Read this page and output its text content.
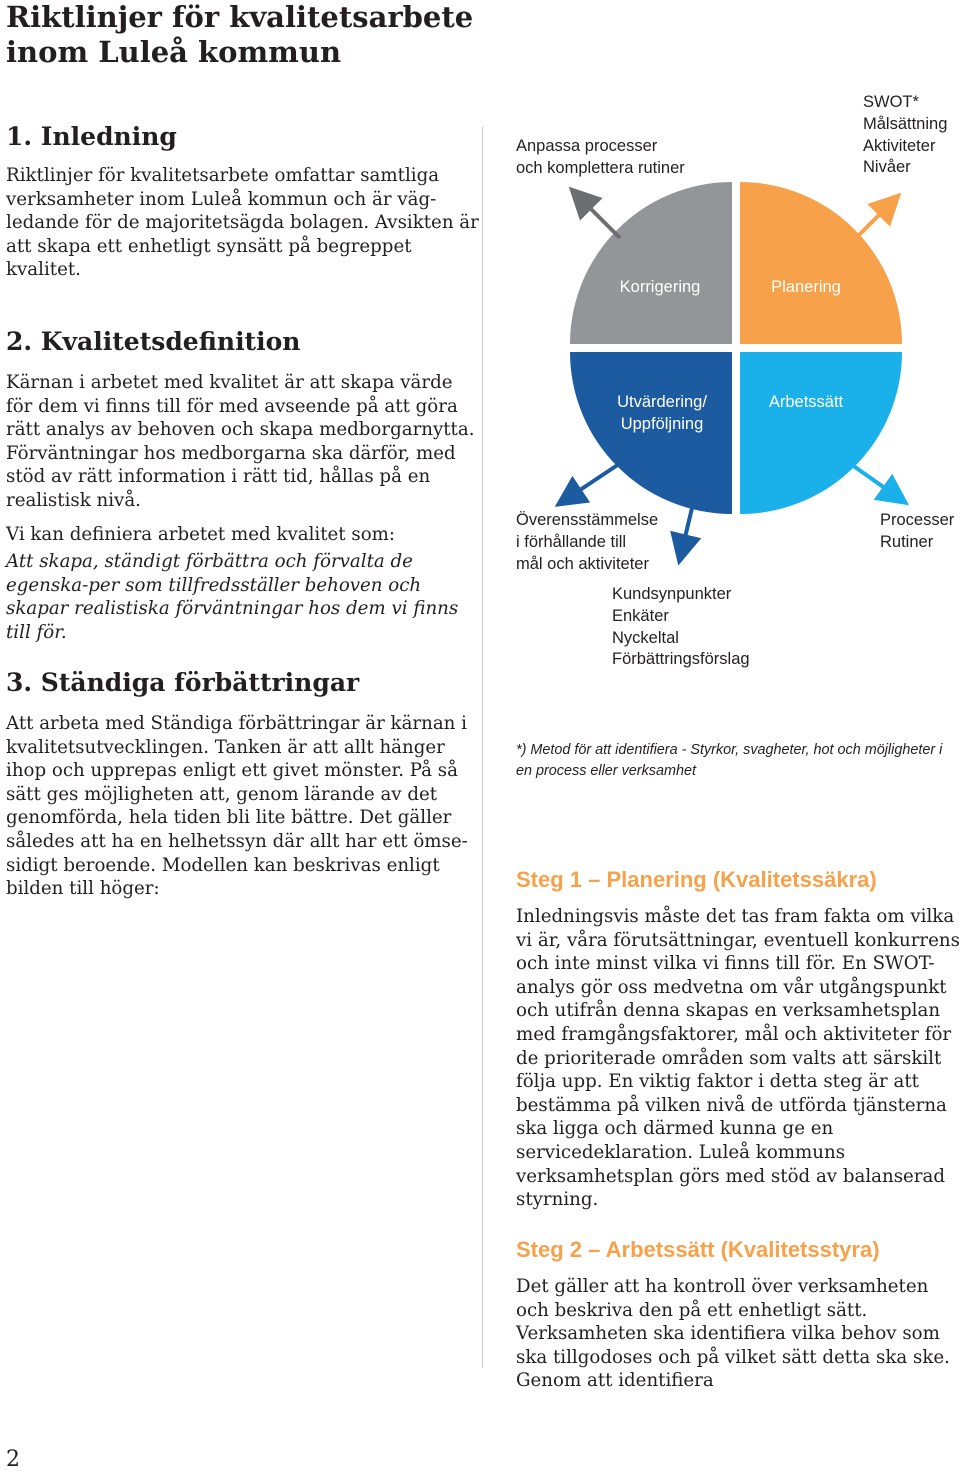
Riktlinjer för kvalitetsarbete inom Luleå kommun
1. Inledning

Riktlinjer för kvalitetsarbete omfattar samtliga verksamheter inom Luleå kommun och är väg-ledande för de majoritetsägda bolagen. Avsikten är att skapa ett enhetligt synsätt på begreppet kvalitet.

2. Kvalitetsdefinition

Kärnan i arbetet med kvalitet är att skapa värde för dem vi finns till för med avseende på att göra rätt analys av behoven och skapa medborgarnytta. Förväntningar hos medborgarna ska därför, med stöd av rätt information i rätt tid, hållas på en realistisk nivå.

Vi kan definiera arbetet med kvalitet som:

Att skapa, ständigt förbättra och förvalta de egenska-per som tillfredsställer behoven och skapar realistiska förväntningar hos dem vi finns till för.

3. Ständiga förbättringar

Att arbeta med Ständiga förbättringar är kärnan i kvalitetsutvecklingen. Tanken är att allt hänger ihop och upprepas enligt ett givet mönster. På så sätt ges möjligheten att, genom lärande av det genomförda, hela tiden bli lite bättre. Det gäller således att ha en helhetssyn där allt har ett ömse-sidigt beroende. Modellen kan beskrivas enligt bilden till höger:

Korrigering	Planering
Utvärdering/
Uppföljning
Arbetssätt
Anpassa processer
och komplettera rutiner
SWOT*
Målsättning
Aktiviteter
Nivåer
Överensstämmelse
i förhållande till
mål och aktiviteter
Kundsynpunkter
Enkäter
Nyckeltal
Förbättringsförslag
Processer
Rutiner
*) Metod för att identifiera - Styrkor, svagheter, hot och möjligheter i en process eller verksamhet
Steg 1 – Planering (Kvalitetssäkra)

Inledningsvis måste det tas fram fakta om vilka vi är, våra förutsättningar, eventuell konkurrens och inte minst vilka vi finns till för. En SWOT-analys gör oss medvetna om vår utgångspunkt och utifrån denna skapas en verksamhetsplan med framgångsfaktorer, mål och aktiviteter för de prioriterade områden som valts att särskilt följa upp. En viktig faktor i detta steg är att bestämma på vilken nivå de utförda tjänsterna ska ligga och därmed kunna ge en servicedeklaration. Luleå kommuns verksamhetsplan görs med stöd av balanserad styrning.

Steg 2 – Arbetssätt (Kvalitetsstyra)

Det gäller att ha kontroll över verksamheten och beskriva den på ett enhetligt sätt. Verksamheten ska identifiera vilka behov som ska tillgodoses och på vilket sätt detta ska ske. Genom att identifiera

2
